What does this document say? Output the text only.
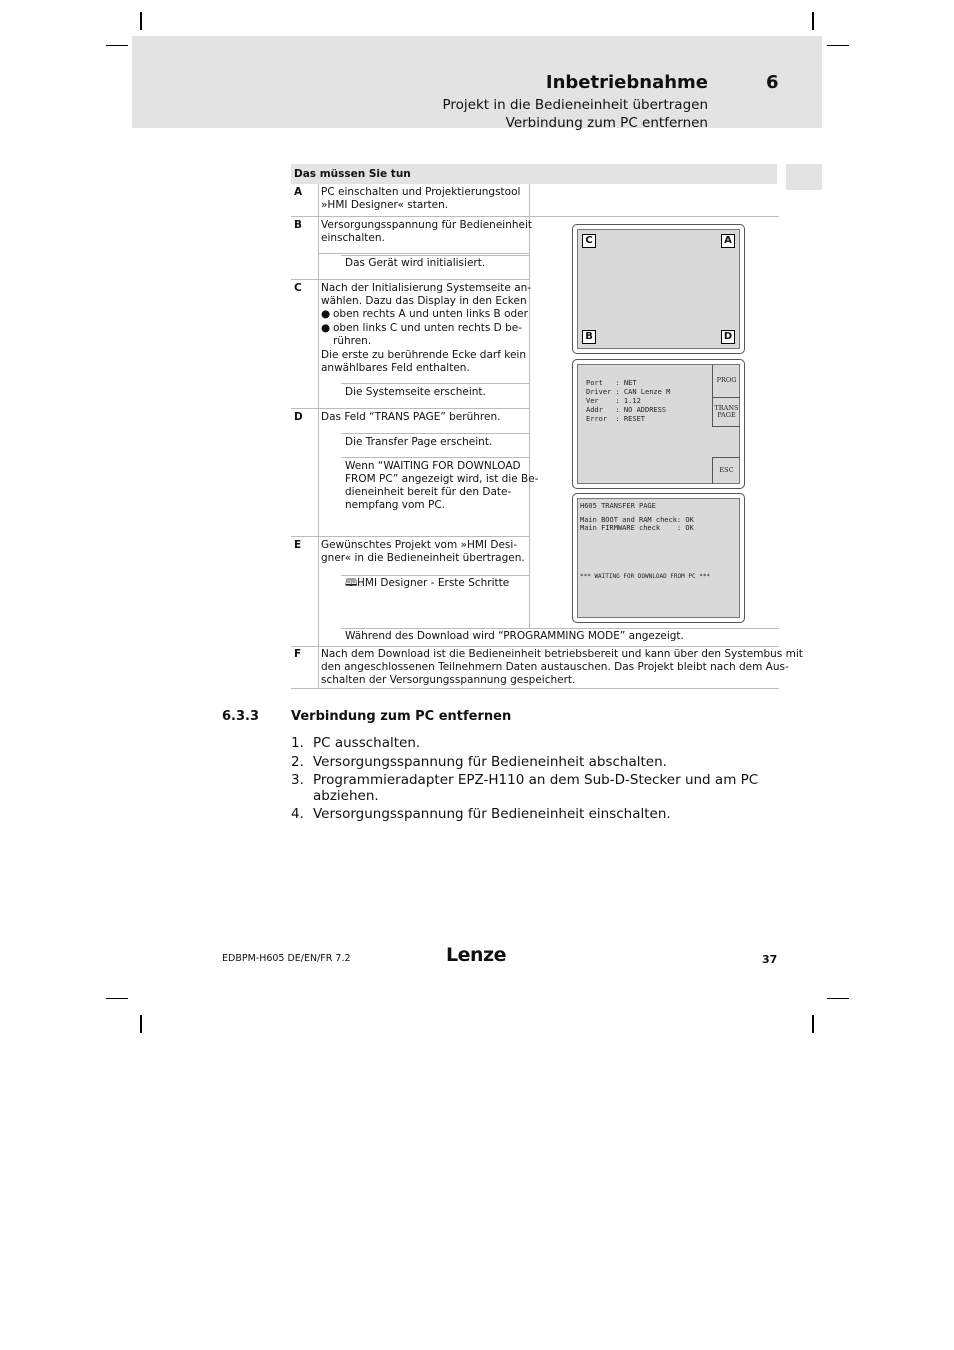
Inbetriebnahme	6
Projekt in die Bedieneinheit übertragen
Verbindung zum PC entfernen
Das müssen Sie tun
A PC einschalten und Projektierungstool
»HMI Designer« starten.
B Versorgungsspannung für Bedieneinheit
einschalten.
Das Gerät wird initialisiert.
C Nach der Initialisierung Systemseite an-
wählen. Dazu das Display in den Ecken
● oben rechts A und unten links B oder
● oben links C und unten rechts D be-
rühren.
Die erste zu berührende Ecke darf kein
anwählbares Feld enthalten.
Die Systemseite erscheint.
D Das Feld “TRANS PAGE” berühren.
Die Transfer Page erscheint.
Wenn “WAITING FOR DOWNLOAD
FROM PC” angezeigt wird, ist die Be-
dieneinheit bereit für den Date-
nempfang vom PC.
E Gewünschtes Projekt vom »HMI Desi-
gner« in die Bedieneinheit übertragen.
🕮 HMI Designer - Erste Schritte
Während des Download wird “PROGRAMMING MODE” angezeigt.
F Nach dem Download ist die Bedieneinheit betriebsbereit und kann über den Systembus mit
den angeschlossenen Teilnehmern Daten austauschen. Das Projekt bleibt nach dem Aus-
schalten der Versorgungsspannung gespeichert.
C	A
B	D
Port   : NET
Driver : CAN Lenze M
Ver    : 1.12
Addr   : NO ADDRESS
Error  : RESET
PROG
TRANS
PAGE
ESC
H605 TRANSFER PAGE
Main BOOT and RAM check: OK
Main FIRMWARE check    : OK
*** WAITING FOR DOWNLOAD FROM PC ***
6.3.3 Verbindung zum PC entfernen
1. PC ausschalten.
2. Versorgungsspannung für Bedieneinheit abschalten.
3. Programmieradapter EPZ-H110 an dem Sub-D-Stecker und am PC
abziehen.
4. Versorgungsspannung für Bedieneinheit einschalten.
EDBPM-H605 DE/EN/FR 7.2	Lenze	37
